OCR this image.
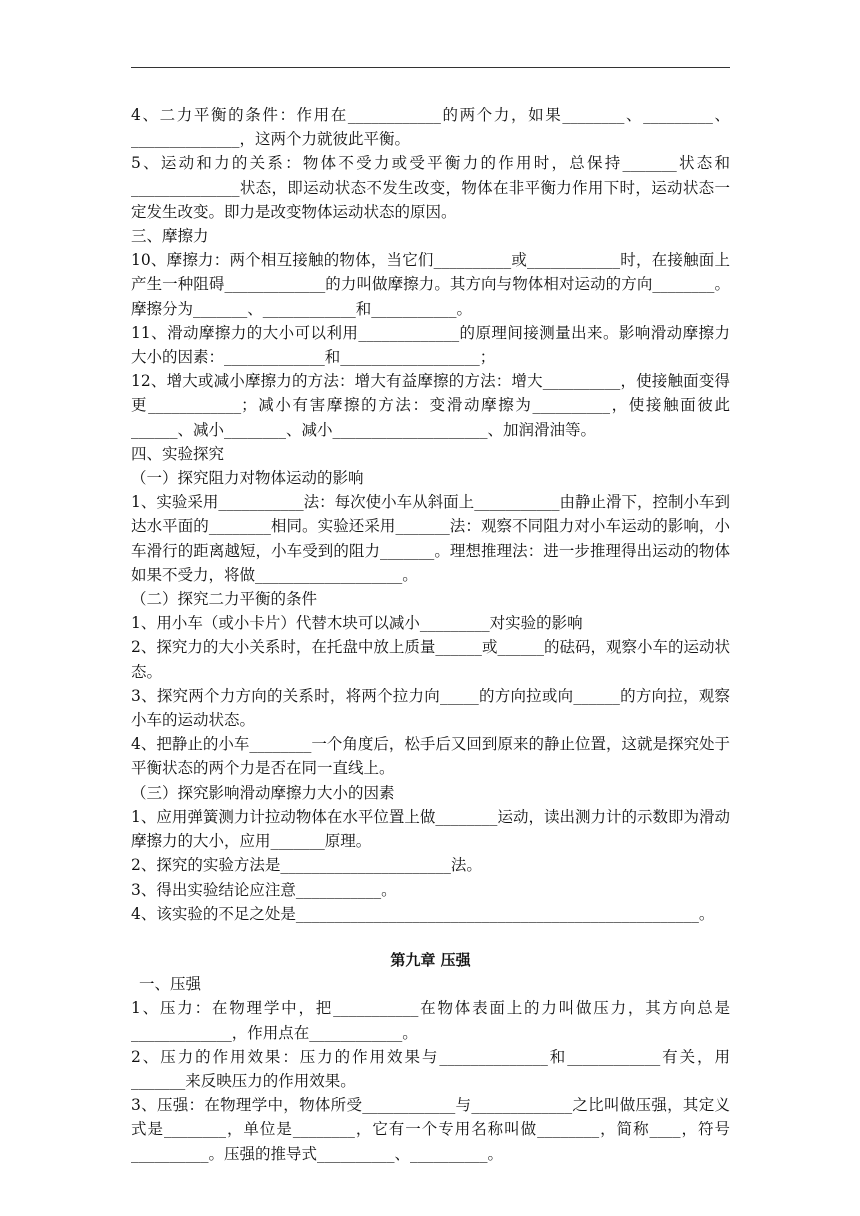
4、二力平衡的条件：作用在____________的两个力，如果________、_________、______________，这两个力就彼此平衡。

5、运动和力的关系：物体不受力或受平衡力的作用时，总保持_______状态和______________状态，即运动状态不发生改变，物体在非平衡力作用下时，运动状态一定发生改变。即力是改变物体运动状态的原因。

三、摩擦力

10、摩擦力：两个相互接触的物体，当它们__________或____________时，在接触面上产生一种阻碍_____________的力叫做摩擦力。其方向与物体相对运动的方向________。摩擦分为_______、____________和___________。

11、滑动摩擦力的大小可以利用_____________的原理间接测量出来。影响滑动摩擦力大小的因素：_____________和__________________；

12、增大或减小摩擦力的方法：增大有益摩擦的方法：增大__________，使接触面变得更____________；减小有害摩擦的方法：变滑动摩擦为__________，使接触面彼此______、减小________、减小____________________、加润滑油等。

四、实验探究

（一）探究阻力对物体运动的影响

1、实验采用___________法：每次使小车从斜面上___________由静止滑下，控制小车到达水平面的________相同。实验还采用_______法：观察不同阻力对小车运动的影响，小车滑行的距离越短，小车受到的阻力_______。理想推理法：进一步推理得出运动的物体如果不受力，将做___________________。

（二）探究二力平衡的条件

1、用小车（或小卡片）代替木块可以减小_________对实验的影响

2、探究力的大小关系时，在托盘中放上质量______或______的砝码，观察小车的运动状态。

3、探究两个力方向的关系时，将两个拉力向_____的方向拉或向______的方向拉，观察小车的运动状态。

4、把静止的小车________一个角度后，松手后又回到原来的静止位置，这就是探究处于平衡状态的两个力是否在同一直线上。

（三）探究影响滑动摩擦力大小的因素

1、应用弹簧测力计拉动物体在水平位置上做________运动，读出测力计的示数即为滑动摩擦力的大小，应用_______原理。

2、探究的实验方法是______________________法。

3、得出实验结论应注意___________。

4、该实验的不足之处是____________________________________________________。

第九章 压强

一、压强

1、压力：在物理学中，把___________在物体表面上的力叫做压力，其方向总是_____________，作用点在____________。

2、压力的作用效果：压力的作用效果与______________和____________有关，用_______来反映压力的作用效果。

3、压强：在物理学中，物体所受____________与_____________之比叫做压强，其定义式是________，单位是________，它有一个专用名称叫做________，简称____，符号__________。压强的推导式__________、__________。
